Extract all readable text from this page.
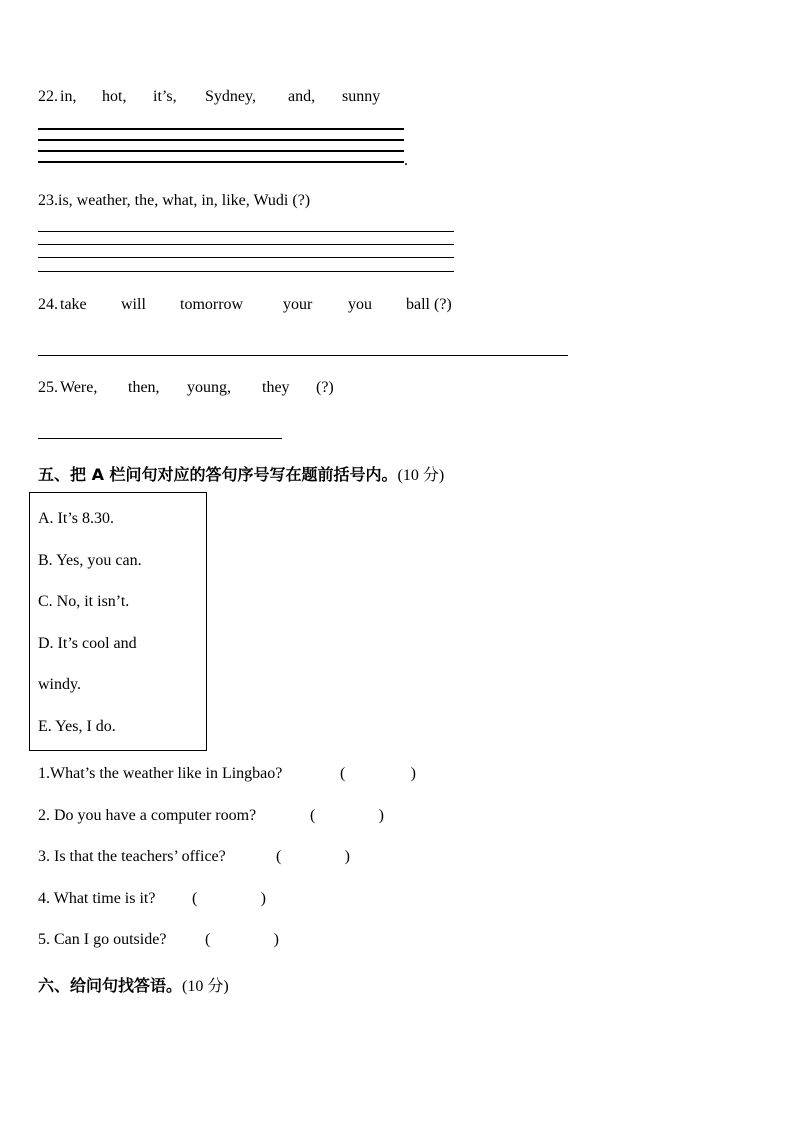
22. in, hot, it’s, Sydney, and, sunny
.
23.is, weather, the, what, in, like, Wudi (?)
24. take will tomorrow your you ball (?)
25. Were, then, young, they (?)
五、把 A 栏问句对应的答句序号写在题前括号内。(10 分)
A. It’s 8.30.
B. Yes, you can.
C. No, it isn’t.
D. It’s cool and
windy.
E. Yes, I do.
1.What’s the weather like in Lingbao?	(	)
2. Do you have a computer room?	(	)
3. Is that the teachers’ office?	(	)
4. What time is it? (	)
5. Can I go outside? (	)
六、给问句找答语。(10 分)
